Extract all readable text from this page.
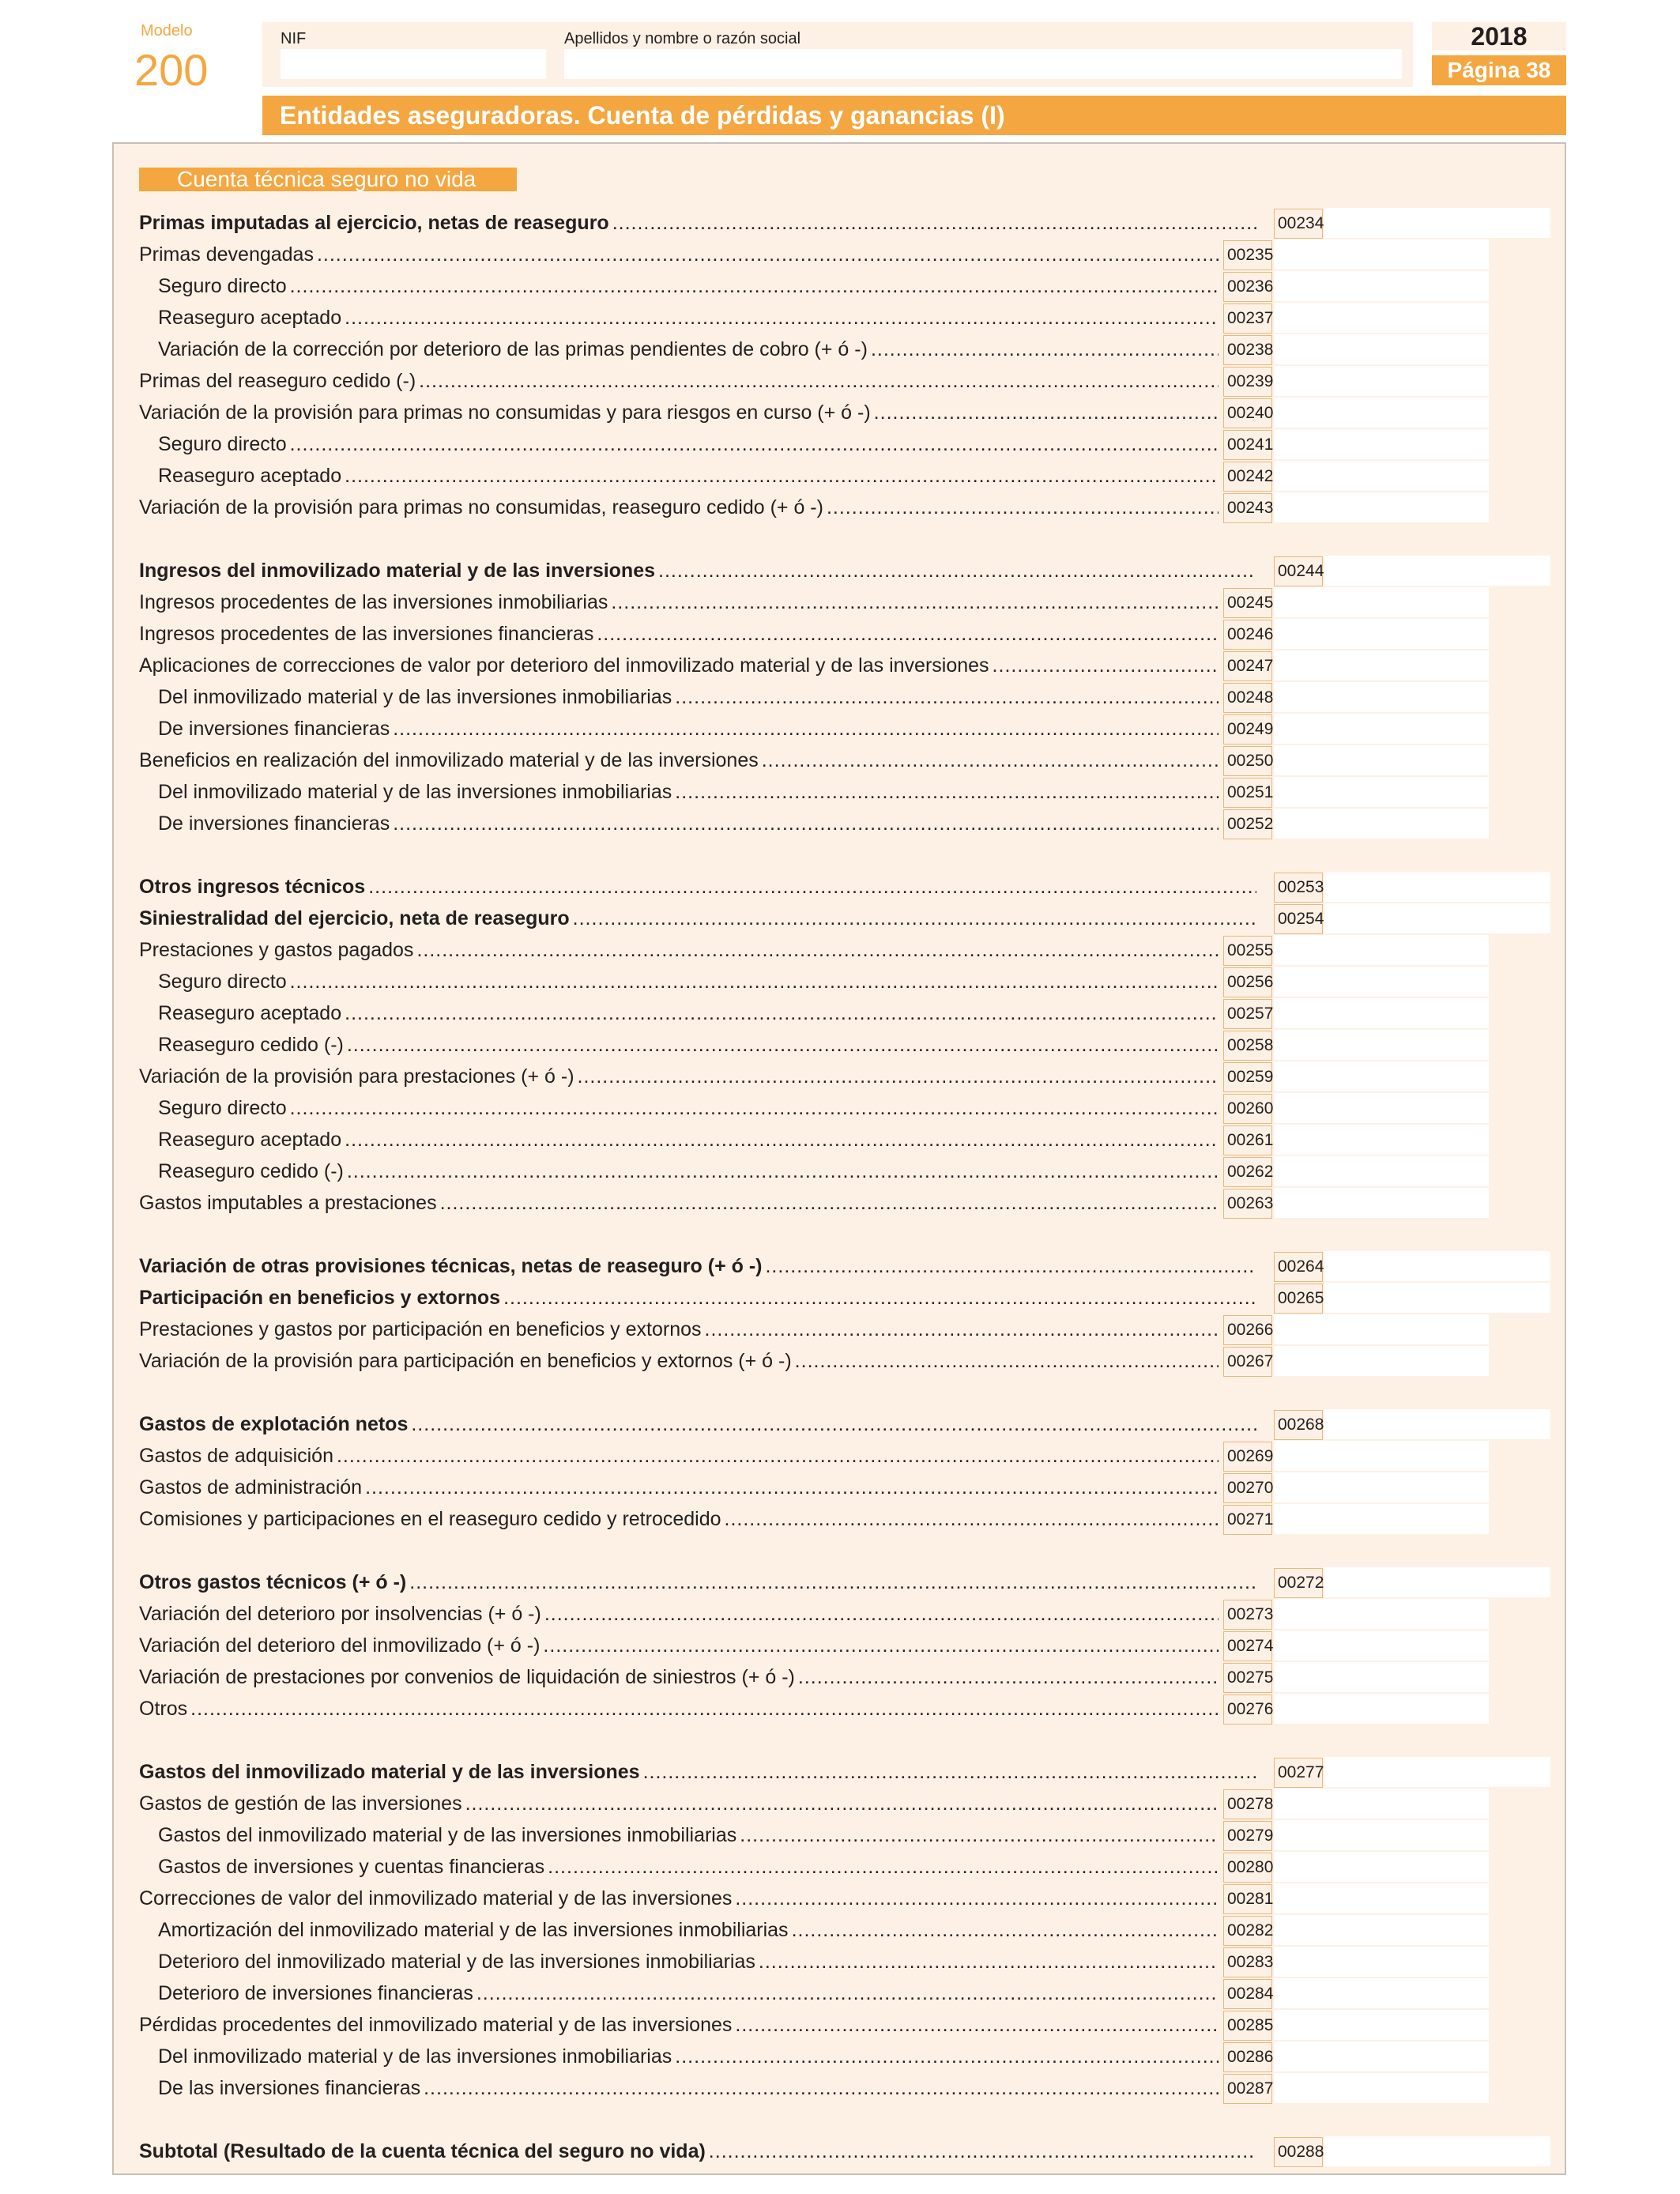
Modelo
200
NIF	Apellidos y nombre o razón social	2018
Página 38
Entidades aseguradoras. Cuenta de pérdidas y ganancias (I)
Cuenta técnica seguro no vida
Primas imputadas al ejercicio, netas de reaseguro .....	00234
Primas devengadas .....	00235
Seguro directo .....	00236
Reaseguro aceptado .....	00237
Variación de la corrección por deterioro de las primas pendientes de cobro (+ ó -) .....	00238
Primas del reaseguro cedido (-) .....	00239
Variación de la provisión para primas no consumidas y para riesgos en curso (+ ó -) .....	00240
Seguro directo .....	00241
Reaseguro aceptado .....	00242
Variación de la provisión para primas no consumidas, reaseguro cedido (+ ó -) .....	00243
Ingresos del inmovilizado material y de las inversiones .....	00244
Ingresos procedentes de las inversiones inmobiliarias .....	00245
Ingresos procedentes de las inversiones financieras .....	00246
Aplicaciones de correcciones de valor por deterioro del inmovilizado material y de las inversiones .....	00247
Del inmovilizado material y de las inversiones inmobiliarias .....	00248
De inversiones financieras .....	00249
Beneficios en realización del inmovilizado material y de las inversiones .....	00250
Del inmovilizado material y de las inversiones inmobiliarias .....	00251
De inversiones financieras .....	00252
Otros ingresos técnicos .....	00253
Siniestralidad del ejercicio, neta de reaseguro .....	00254
Prestaciones y gastos pagados .....	00255
Seguro directo .....	00256
Reaseguro aceptado .....	00257
Reaseguro cedido (-) .....	00258
Variación de la provisión para prestaciones (+ ó -) .....	00259
Seguro directo .....	00260
Reaseguro aceptado .....	00261
Reaseguro cedido (-) .....	00262
Gastos imputables a prestaciones .....	00263
Variación de otras provisiones técnicas, netas de reaseguro (+ ó -) .....	00264
Participación en beneficios y extornos .....	00265
Prestaciones y gastos por participación en beneficios y extornos .....	00266
Variación de la provisión para participación en beneficios y extornos (+ ó -) .....	00267
Gastos de explotación netos .....	00268
Gastos de adquisición .....	00269
Gastos de administración .....	00270
Comisiones y participaciones en el reaseguro cedido y retrocedido .....	00271
Otros gastos técnicos (+ ó -) .....	00272
Variación del deterioro por insolvencias (+ ó -) .....	00273
Variación del deterioro del inmovilizado (+ ó -) .....	00274
Variación de prestaciones por convenios de liquidación de siniestros (+ ó -) .....	00275
Otros .....	00276
Gastos del inmovilizado material y de las inversiones .....	00277
Gastos de gestión de las inversiones .....	00278
Gastos del inmovilizado material y de las inversiones inmobiliarias .....	00279
Gastos de inversiones y cuentas financieras .....	00280
Correcciones de valor del inmovilizado material y de las inversiones .....	00281
Amortización del inmovilizado material y de las inversiones inmobiliarias .....	00282
Deterioro del inmovilizado material y de las inversiones inmobiliarias .....	00283
Deterioro de inversiones financieras .....	00284
Pérdidas procedentes del inmovilizado material y de las inversiones .....	00285
Del inmovilizado material y de las inversiones inmobiliarias .....	00286
De las inversiones financieras .....	00287
Subtotal (Resultado de la cuenta técnica del seguro no vida) .....	00288
